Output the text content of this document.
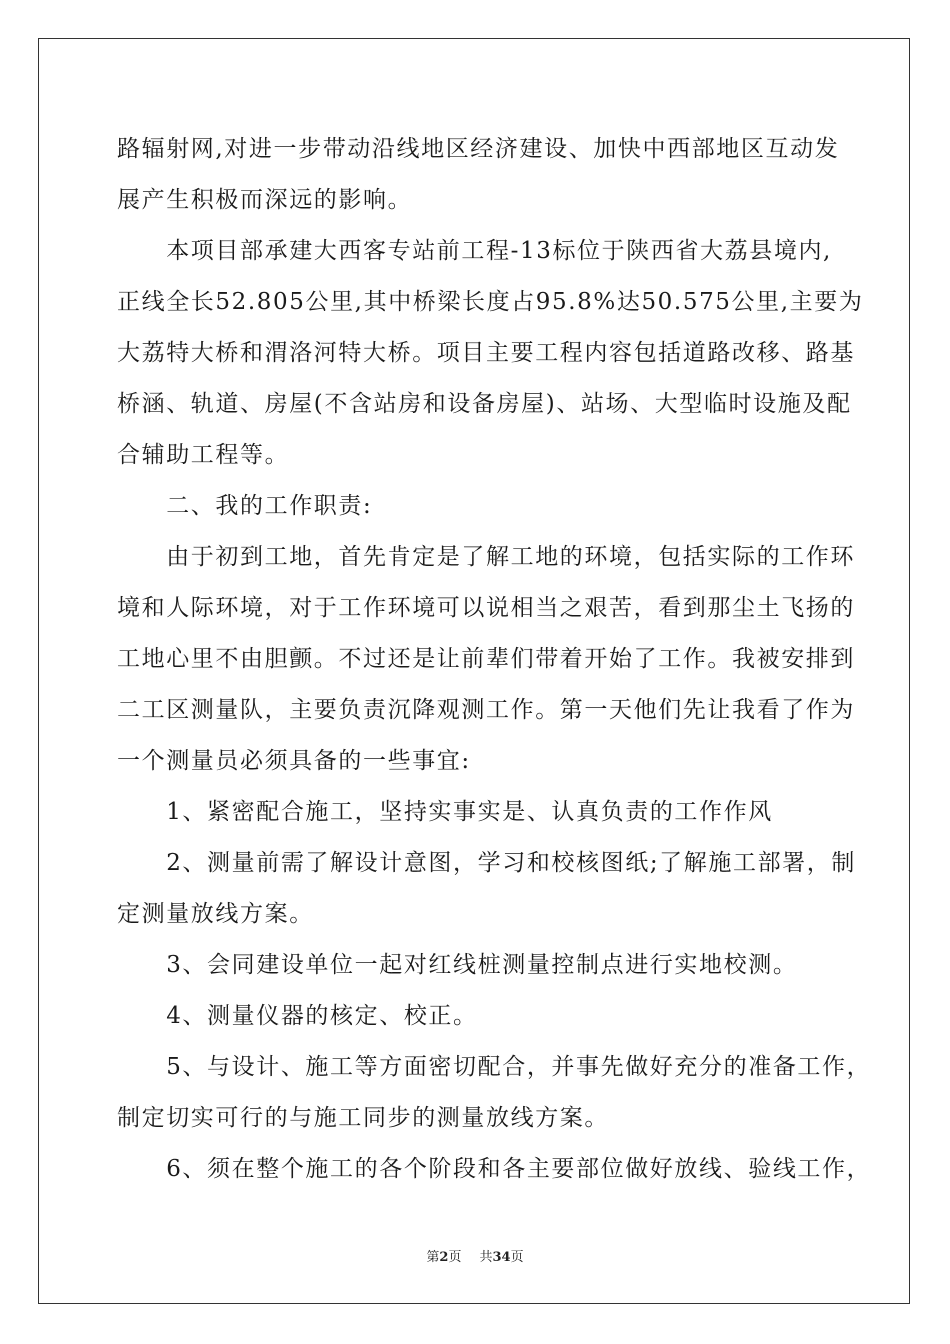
路辐射网,对进一步带动沿线地区经济建设、加快中西部地区互动发
展产生积极而深远的影响。
　　本项目部承建大西客专站前工程-13标位于陕西省大荔县境内,
正线全长52.805公里,其中桥梁长度占95.8%达50.575公里,主要为
大荔特大桥和渭洛河特大桥。项目主要工程内容包括道路改移、路基
桥涵、轨道、房屋(不含站房和设备房屋)、站场、大型临时设施及配
合辅助工程等。
　　二、我的工作职责:
　　由于初到工地，首先肯定是了解工地的环境，包括实际的工作环
境和人际环境，对于工作环境可以说相当之艰苦，看到那尘土飞扬的
工地心里不由胆颤。不过还是让前辈们带着开始了工作。我被安排到
二工区测量队，主要负责沉降观测工作。第一天他们先让我看了作为
一个测量员必须具备的一些事宜:
　　1、紧密配合施工，坚持实事实是、认真负责的工作作风
　　2、测量前需了解设计意图，学习和校核图纸;了解施工部署，制
定测量放线方案。
　　3、会同建设单位一起对红线桩测量控制点进行实地校测。
　　4、测量仪器的核定、校正。
　　5、与设计、施工等方面密切配合，并事先做好充分的准备工作，
制定切实可行的与施工同步的测量放线方案。
　　6、须在整个施工的各个阶段和各主要部位做好放线、验线工作，
第2页 共34页
